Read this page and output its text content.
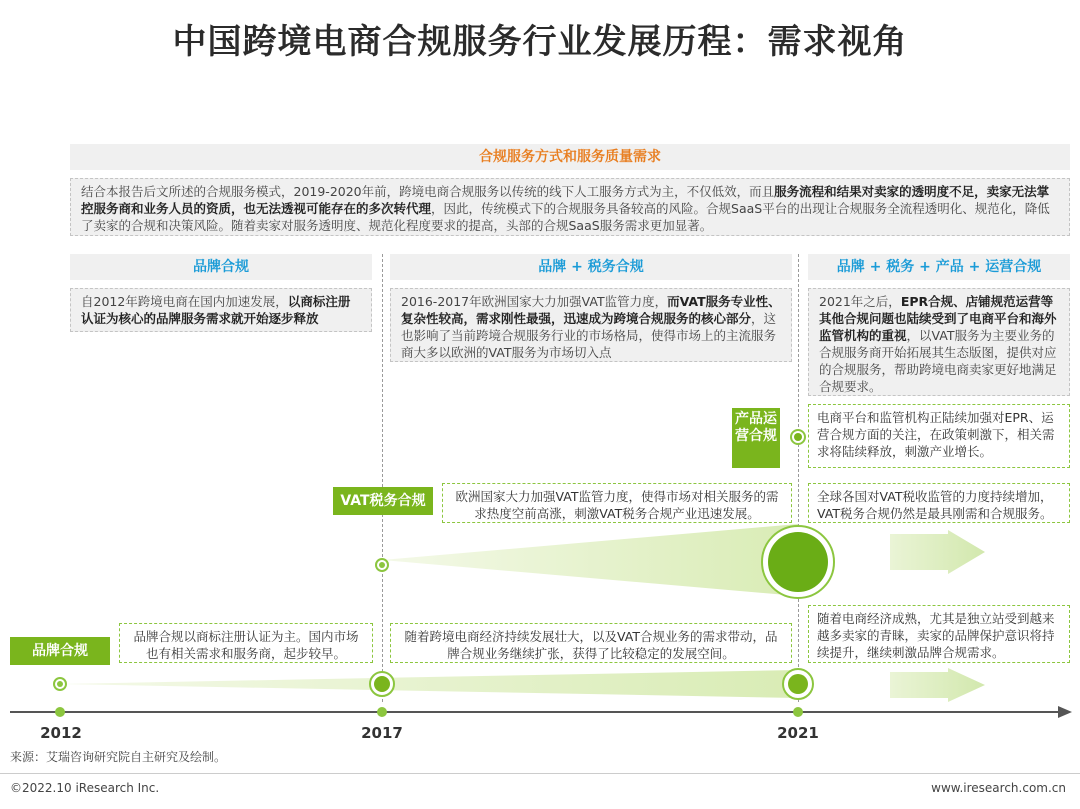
中国跨境电商合规服务行业发展历程：需求视角
合规服务方式和服务质量需求
结合本报告后文所述的合规服务模式，2019-2020年前，跨境电商合规服务以传统的线下人工服务方式为主，不仅低效，而且服务流程和结果对卖家的透明度不足，卖家无法掌控服务商和业务人员的资质，也无法透视可能存在的多次转代理，因此，传统模式下的合规服务具备较高的风险。合规SaaS平台的出现让合规服务全流程透明化、规范化，降低了卖家的合规和决策风险。随着卖家对服务透明度、规范化程度要求的提高，头部的合规SaaS服务需求更加显著。
品牌合规	品牌 + 税务合规	品牌 + 税务 + 产品 + 运营合规
自2012年跨境电商在国内加速发展，以商标注册认证为核心的品牌服务需求就开始逐步释放
2016-2017年欧洲国家大力加强VAT监管力度，而VAT服务专业性、复杂性较高，需求刚性最强，迅速成为跨境合规服务的核心部分，这也影响了当前跨境合规服务行业的市场格局，使得市场上的主流服务商大多以欧洲的VAT服务为市场切入点
2021年之后，EPR合规、店铺规范运营等其他合规问题也陆续受到了电商平台和海外监管机构的重视，以VAT服务为主要业务的合规服务商开始拓展其生态版图，提供对应的合规服务，帮助跨境电商卖家更好地满足合规要求。
产品运营合规
VAT税务合规
品牌合规
电商平台和监管机构正陆续加强对EPR、运营合规方面的关注，在政策刺激下，相关需求将陆续释放，刺激产业增长。
欧洲国家大力加强VAT监管力度，使得市场对相关服务的需求热度空前高涨，刺激VAT税务合规产业迅速发展。
全球各国对VAT税收监管的力度持续增加，VAT税务合规仍然是最具刚需和合规服务。
品牌合规以商标注册认证为主。国内市场也有相关需求和服务商，起步较早。
随着跨境电商经济持续发展壮大，以及VAT合规业务的需求带动，品牌合规业务继续扩张，获得了比较稳定的发展空间。
随着电商经济成熟，尤其是独立站受到越来越多卖家的青睐，卖家的品牌保护意识将持续提升，继续刺激品牌合规需求。
2012	2017	2021
来源：艾瑞咨询研究院自主研究及绘制。
©2022.10 iResearch Inc.	www.iresearch.com.cn
